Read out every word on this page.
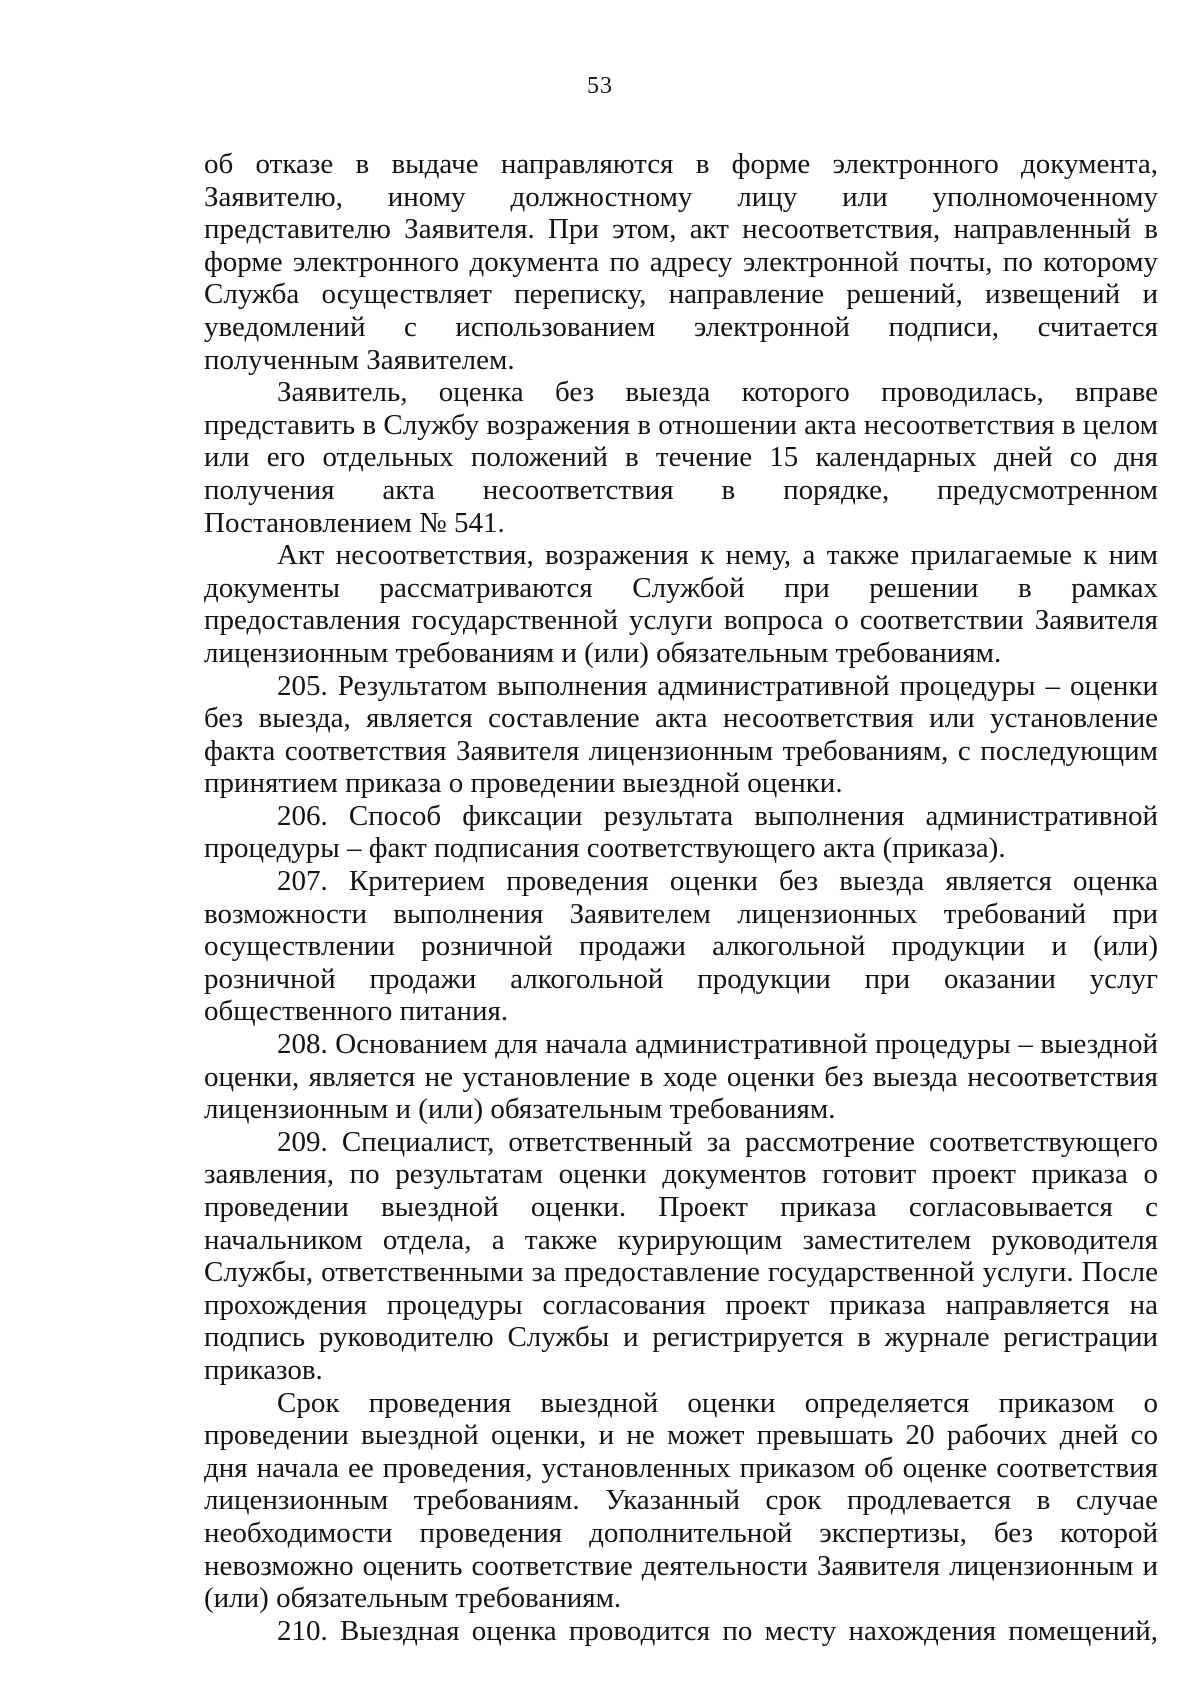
53

об отказе в выдаче направляются в форме электронного документа, Заявителю, иному должностному лицу или уполномоченному представителю Заявителя. При этом, акт несоответствия, направленный в форме электронного документа по адресу электронной почты, по которому Служба осуществляет переписку, направление решений, извещений и уведомлений с использованием электронной подписи, считается полученным Заявителем.

Заявитель, оценка без выезда которого проводилась, вправе представить в Службу возражения в отношении акта несоответствия в целом или его отдельных положений в течение 15 календарных дней со дня получения акта несоответствия в порядке, предусмотренном Постановлением № 541.

Акт несоответствия, возражения к нему, а также прилагаемые к ним документы рассматриваются Службой при решении в рамках предоставления государственной услуги вопроса о соответствии Заявителя лицензионным требованиям и (или) обязательным требованиям.

205. Результатом выполнения административной процедуры – оценки без выезда, является составление акта несоответствия или установление факта соответствия Заявителя лицензионным требованиям, с последующим принятием приказа о проведении выездной оценки.

206. Способ фиксации результата выполнения административной процедуры – факт подписания соответствующего акта (приказа).

207. Критерием проведения оценки без выезда является оценка возможности выполнения Заявителем лицензионных требований при осуществлении розничной продажи алкогольной продукции и (или) розничной продажи алкогольной продукции при оказании услуг общественного питания.

208. Основанием для начала административной процедуры – выездной оценки, является не установление в ходе оценки без выезда несоответствия лицензионным и (или) обязательным требованиям.

209. Специалист, ответственный за рассмотрение соответствующего заявления, по результатам оценки документов готовит проект приказа о проведении выездной оценки. Проект приказа согласовывается с начальником отдела, а также курирующим заместителем руководителя Службы, ответственными за предоставление государственной услуги. После прохождения процедуры согласования проект приказа направляется на подпись руководителю Службы и регистрируется в журнале регистрации приказов.

Срок проведения выездной оценки определяется приказом о проведении выездной оценки, и не может превышать 20 рабочих дней со дня начала ее проведения, установленных приказом об оценке соответствия лицензионным требованиям. Указанный срок продлевается в случае необходимости проведения дополнительной экспертизы, без которой невозможно оценить соответствие деятельности Заявителя лицензионным и (или) обязательным требованиям.

210. Выездная оценка проводится по месту нахождения помещений,
